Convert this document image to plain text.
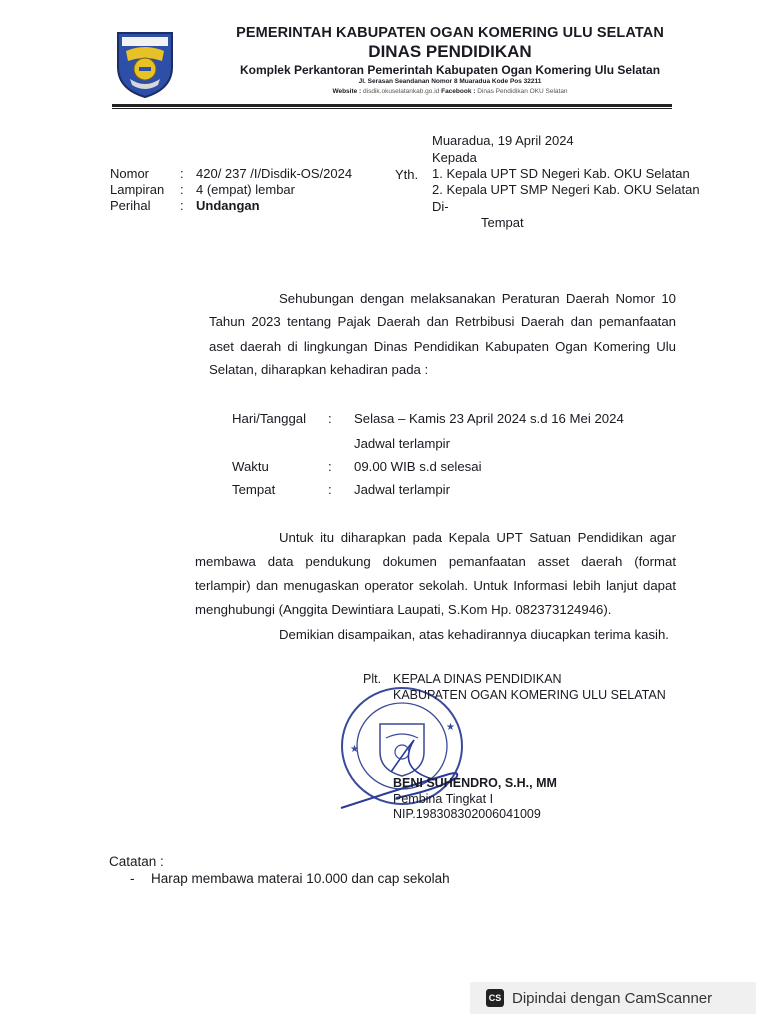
PEMERINTAH KABUPATEN OGAN KOMERING ULU SELATAN
DINAS PENDIDIKAN
Komplek Perkantoran Pemerintah Kabupaten Ogan Komering Ulu Selatan
Jl. Serasan Seandanan Nomor 8 Muaradua Kode Pos 32211
Website : disdik.okuselatankab.go.id Facebook : Dinas Pendidikan OKU Selatan
Muaradua, 19 April 2024
Kepada
Yth. 1. Kepala UPT SD Negeri Kab. OKU Selatan
2. Kepala UPT SMP Negeri Kab. OKU Selatan
Di-
Tempat
Nomor	: 420/ 237 /I/Disdik-OS/2024
Lampiran	: 4 (empat) lembar
Perihal	: Undangan
Sehubungan dengan melaksanakan Peraturan Daerah Nomor 10
Tahun 2023 tentang Pajak Daerah dan Retrbibusi Daerah dan pemanfaatan
aset daerah di lingkungan Dinas Pendidikan Kabupaten Ogan Komering Ulu
Selatan, diharapkan kehadiran pada :
Hari/Tanggal : Selasa – Kamis 23 April 2024 s.d 16 Mei 2024
Jadwal terlampir
Waktu	: 09.00 WIB s.d selesai
Tempat	: Jadwal terlampir
Untuk itu diharapkan pada Kepala UPT Satuan Pendidikan agar
membawa data pendukung dokumen pemanfaatan asset daerah (format
terlampir) dan menugaskan operator sekolah. Untuk Informasi lebih lanjut dapat
menghubungi (Anggita Dewintiara Laupati, S.Kom Hp. 082373124946).
Demikian disampaikan, atas kehadirannya diucapkan terima kasih.
★
★
Plt. KEPALA DINAS PENDIDIKAN
KABUPATEN OGAN KOMERING ULU SELATAN
BENI SUHENDRO, S.H., MM
Pembina Tingkat I
NIP.198308302006041009
Catatan :
- Harap membawa materai 10.000 dan cap sekolah
CS Dipindai dengan CamScanner
